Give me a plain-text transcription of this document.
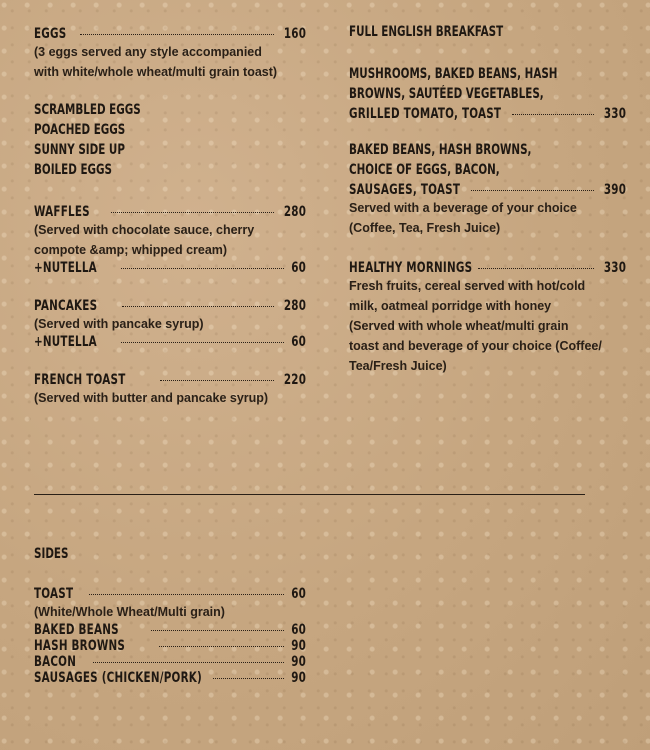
EGGS	160
(3 eggs served any style accompanied
with white/whole wheat/multi grain toast)
SCRAMBLED EGGS
POACHED EGGS
SUNNY SIDE UP
BOILED EGGS
WAFFLES	280
(Served with chocolate sauce, cherry
compote &amp; whipped cream)
+NUTELLA	60
PANCAKES	280
(Served with pancake syrup)
+NUTELLA	60
FRENCH TOAST	220
(Served with butter and pancake syrup)
FULL ENGLISH BREAKFAST
MUSHROOMS, BAKED BEANS, HASH
BROWNS, SAUTÉED VEGETABLES,
GRILLED TOMATO, TOAST	330
BAKED BEANS, HASH BROWNS,
CHOICE OF EGGS, BACON,
SAUSAGES, TOAST	390
Served with a beverage of your choice
(Coffee, Tea, Fresh Juice)
HEALTHY MORNINGS	330
Fresh fruits, cereal served with hot/cold
milk, oatmeal porridge with honey
(Served with whole wheat/multi grain
toast and beverage of your choice (Coffee/
Tea/Fresh Juice)
SIDES
TOAST	60
(White/Whole Wheat/Multi grain)
BAKED BEANS	60
HASH BROWNS	90
BACON	90
SAUSAGES (CHICKEN/PORK)	90
